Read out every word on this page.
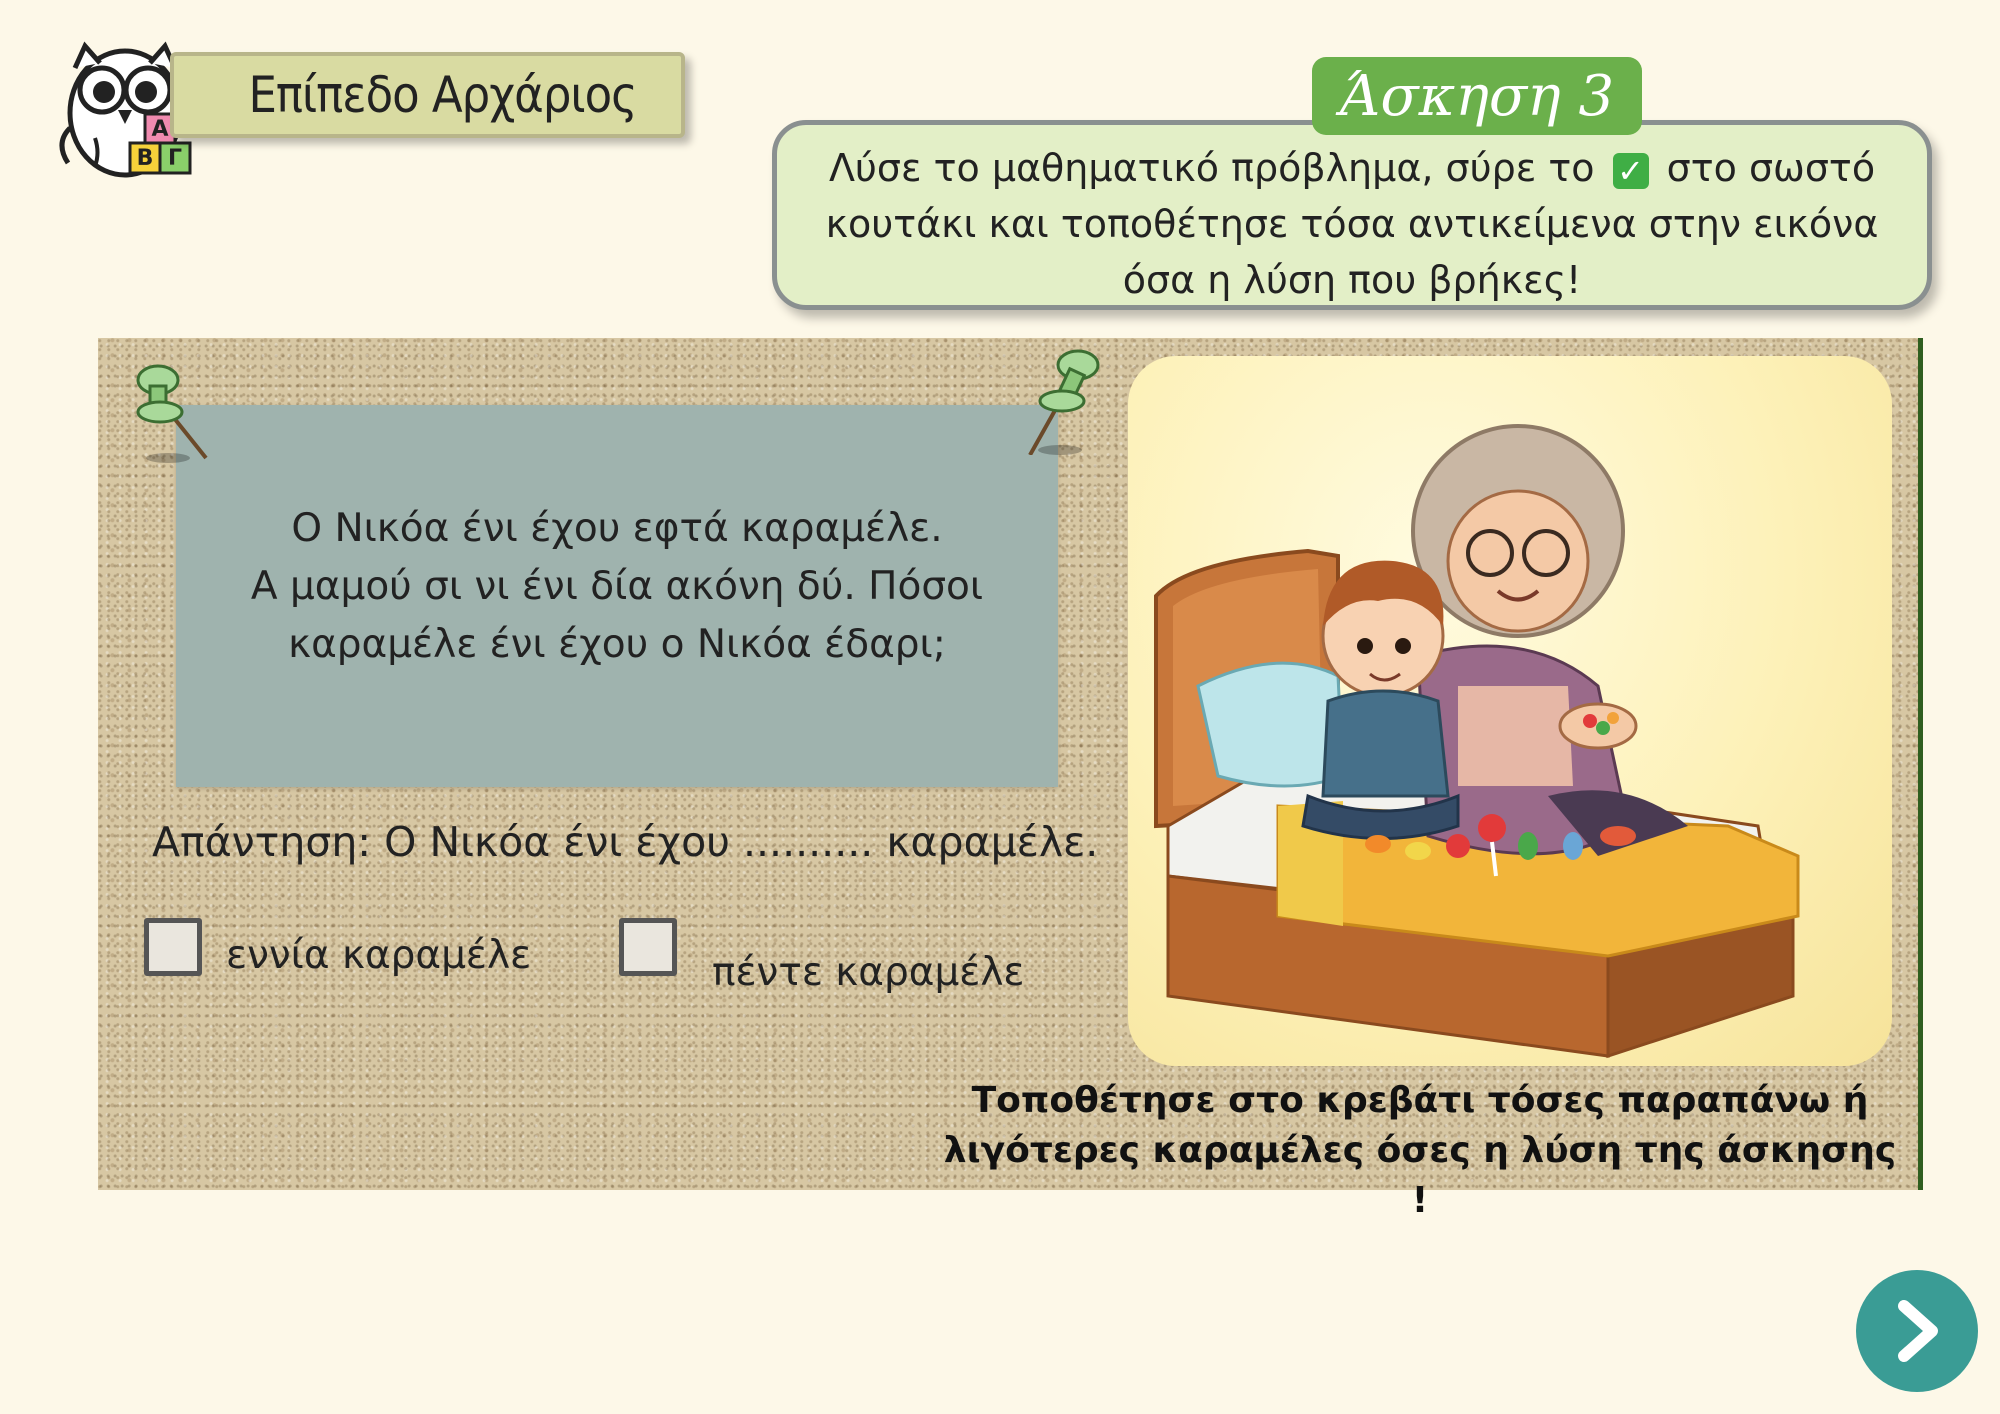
Α
Β Γ
Επίπεδο Αρχάριος	Άσκηση 3
Λύσε το μαθηματικό πρόβλημα, σύρε το ✓ στο σωστό κουτάκι και τοποθέτησε τόσα αντικείμενα στην εικόνα όσα η λύση που βρήκες!
Ο Νικόα ένι έχου εφτά καραμέλε.
Α μαμού σι νι ένι δία ακόνη δύ. Πόσοι καραμέλε ένι έχου ο Νικόα έδαρι;
Απάντηση: Ο Νικόα ένι έχου .......... καραμέλε.
εννία καραμέλε	πέντε καραμέλε
Τοποθέτησε στο κρεβάτι τόσες παραπάνω ή λιγότερες καραμέλες όσες η λύση της άσκησης !
